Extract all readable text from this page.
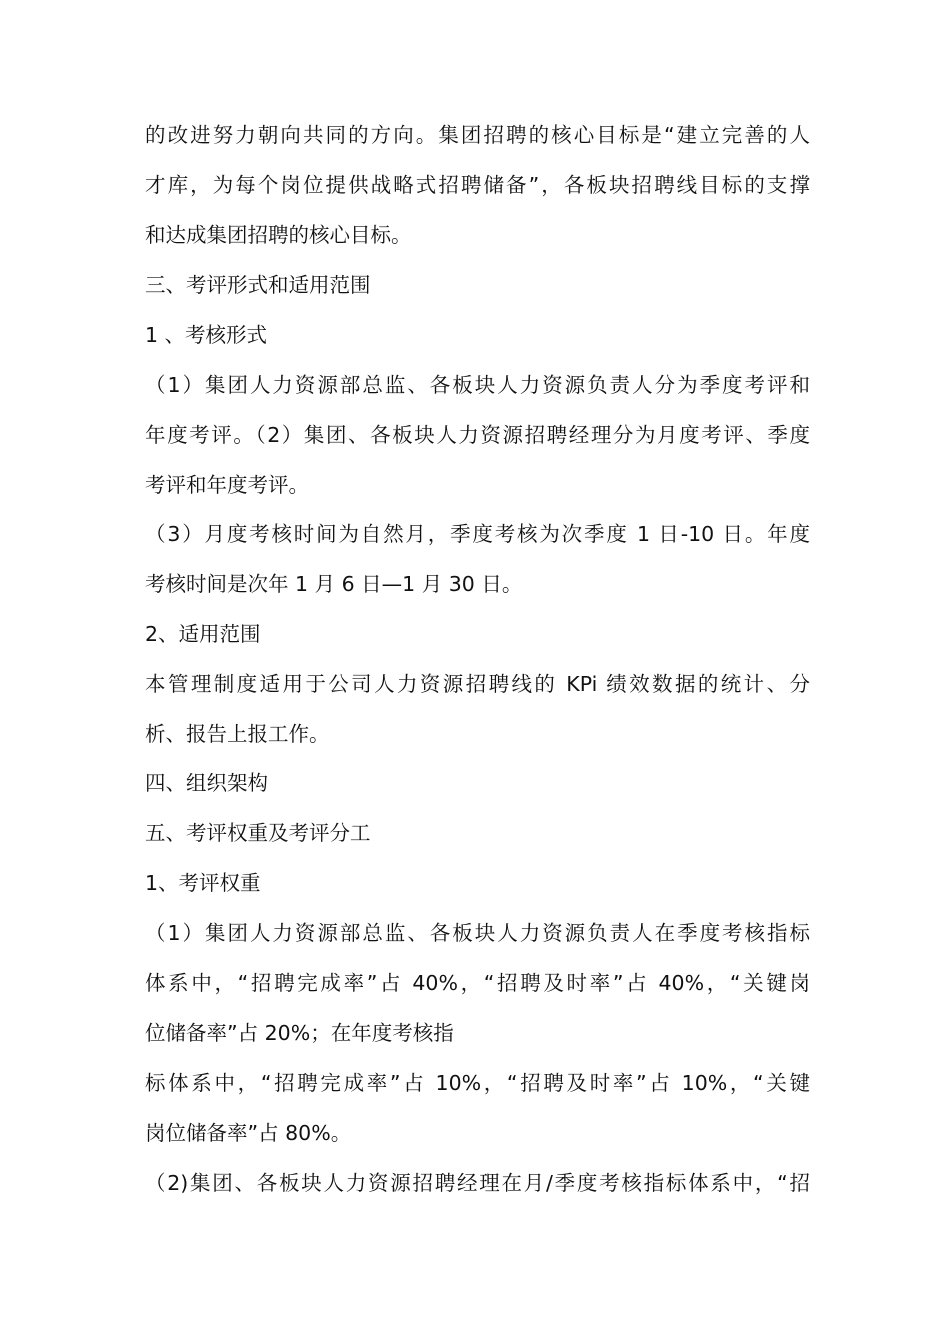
的改进努力朝向共同的方向。集团招聘的核心目标是“建立完善的人
才库，为每个岗位提供战略式招聘储备”，各板块招聘线目标的支撑
和达成集团招聘的核心目标。
三、考评形式和适用范围
1 、考核形式
（1）集团人力资源部总监、各板块人力资源负责人分为季度考评和
年度考评。（2）集团、各板块人力资源招聘经理分为月度考评、季度
考评和年度考评。
（3）月度考核时间为自然月，季度考核为次季度 1 日-10 日。年度
考核时间是次年 1 月 6 日—1 月 30 日。
2、适用范围
本管理制度适用于公司人力资源招聘线的 KPi 绩效数据的统计、分
析、报告上报工作。
四、组织架构
五、考评权重及考评分工
1、考评权重
（1）集团人力资源部总监、各板块人力资源负责人在季度考核指标
体系中，“招聘完成率”占 40%，“招聘及时率”占 40%，“关键岗
位储备率”占 20%；在年度考核指
标体系中，“招聘完成率”占 10%，“招聘及时率”占 10%，“关键
岗位储备率”占 80%。
（2)集团、各板块人力资源招聘经理在月/季度考核指标体系中，“招
